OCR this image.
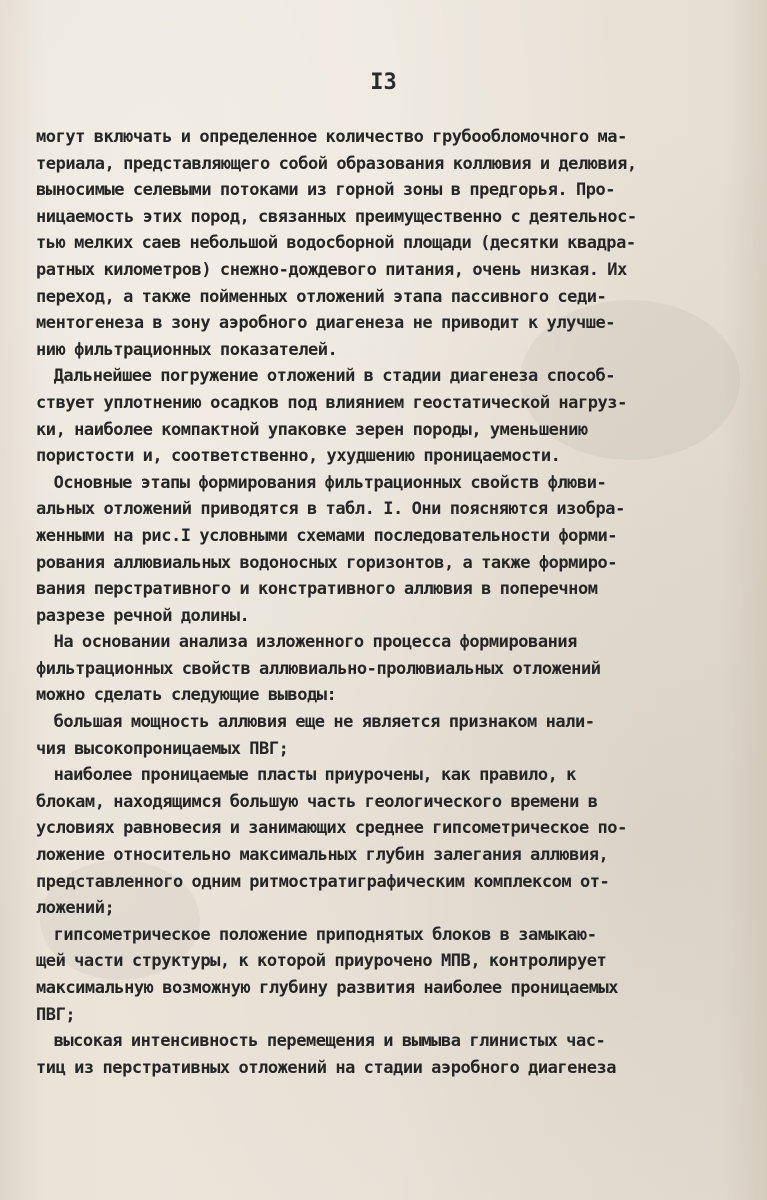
I3
могут включать и определенное количество грубообломочного ма-
териала, представляющего собой образования коллювия и делювия,
выносимые селевыми потоками из горной зоны в предгорья. Про-
ницаемость этих пород, связанных преимущественно с деятельнос-
тью мелких саев небольшой водосборной площади (десятки квадра-
ратных километров) снежно-дождевого питания, очень низкая. Их
переход, а также пойменных отложений этапа пассивного седи-
ментогенеза в зону аэробного диагенеза не приводит к улучше-
нию фильтрационных показателей.
Дальнейшее погружение отложений в стадии диагенеза способ-
ствует уплотнению осадков под влиянием геостатической нагруз-
ки, наиболее компактной упаковке зерен породы, уменьшению
пористости и, соответственно, ухудшению проницаемости.
Основные этапы формирования фильтрационных свойств флюви-
альных отложений приводятся в табл. I. Они поясняются изобра-
женными на рис.I условными схемами последовательности форми-
рования аллювиальных водоносных горизонтов, а также формиро-
вания перстративного и констративного аллювия в поперечном
разрезе речной долины.
На основании анализа изложенного процесса формирования
фильтрационных свойств аллювиально-пролювиальных отложений
можно сделать следующие выводы:
большая мощность аллювия еще не является признаком нали-
чия высокопроницаемых ПВГ;
наиболее проницаемые пласты приурочены, как правило, к
блокам, находящимся большую часть геологического времени в
условиях равновесия и занимающих среднее гипсометрическое по-
ложение относительно максимальных глубин залегания аллювия,
представленного одним ритмостратиграфическим комплексом от-
ложений;
гипсометрическое положение приподнятых блоков в замыкаю-
щей части структуры, к которой приурочено МПВ, контролирует
максимальную возможную глубину развития наиболее проницаемых
ПВГ;
высокая интенсивность перемещения и вымыва глинистых час-
тиц из перстративных отложений на стадии аэробного диагенеза
